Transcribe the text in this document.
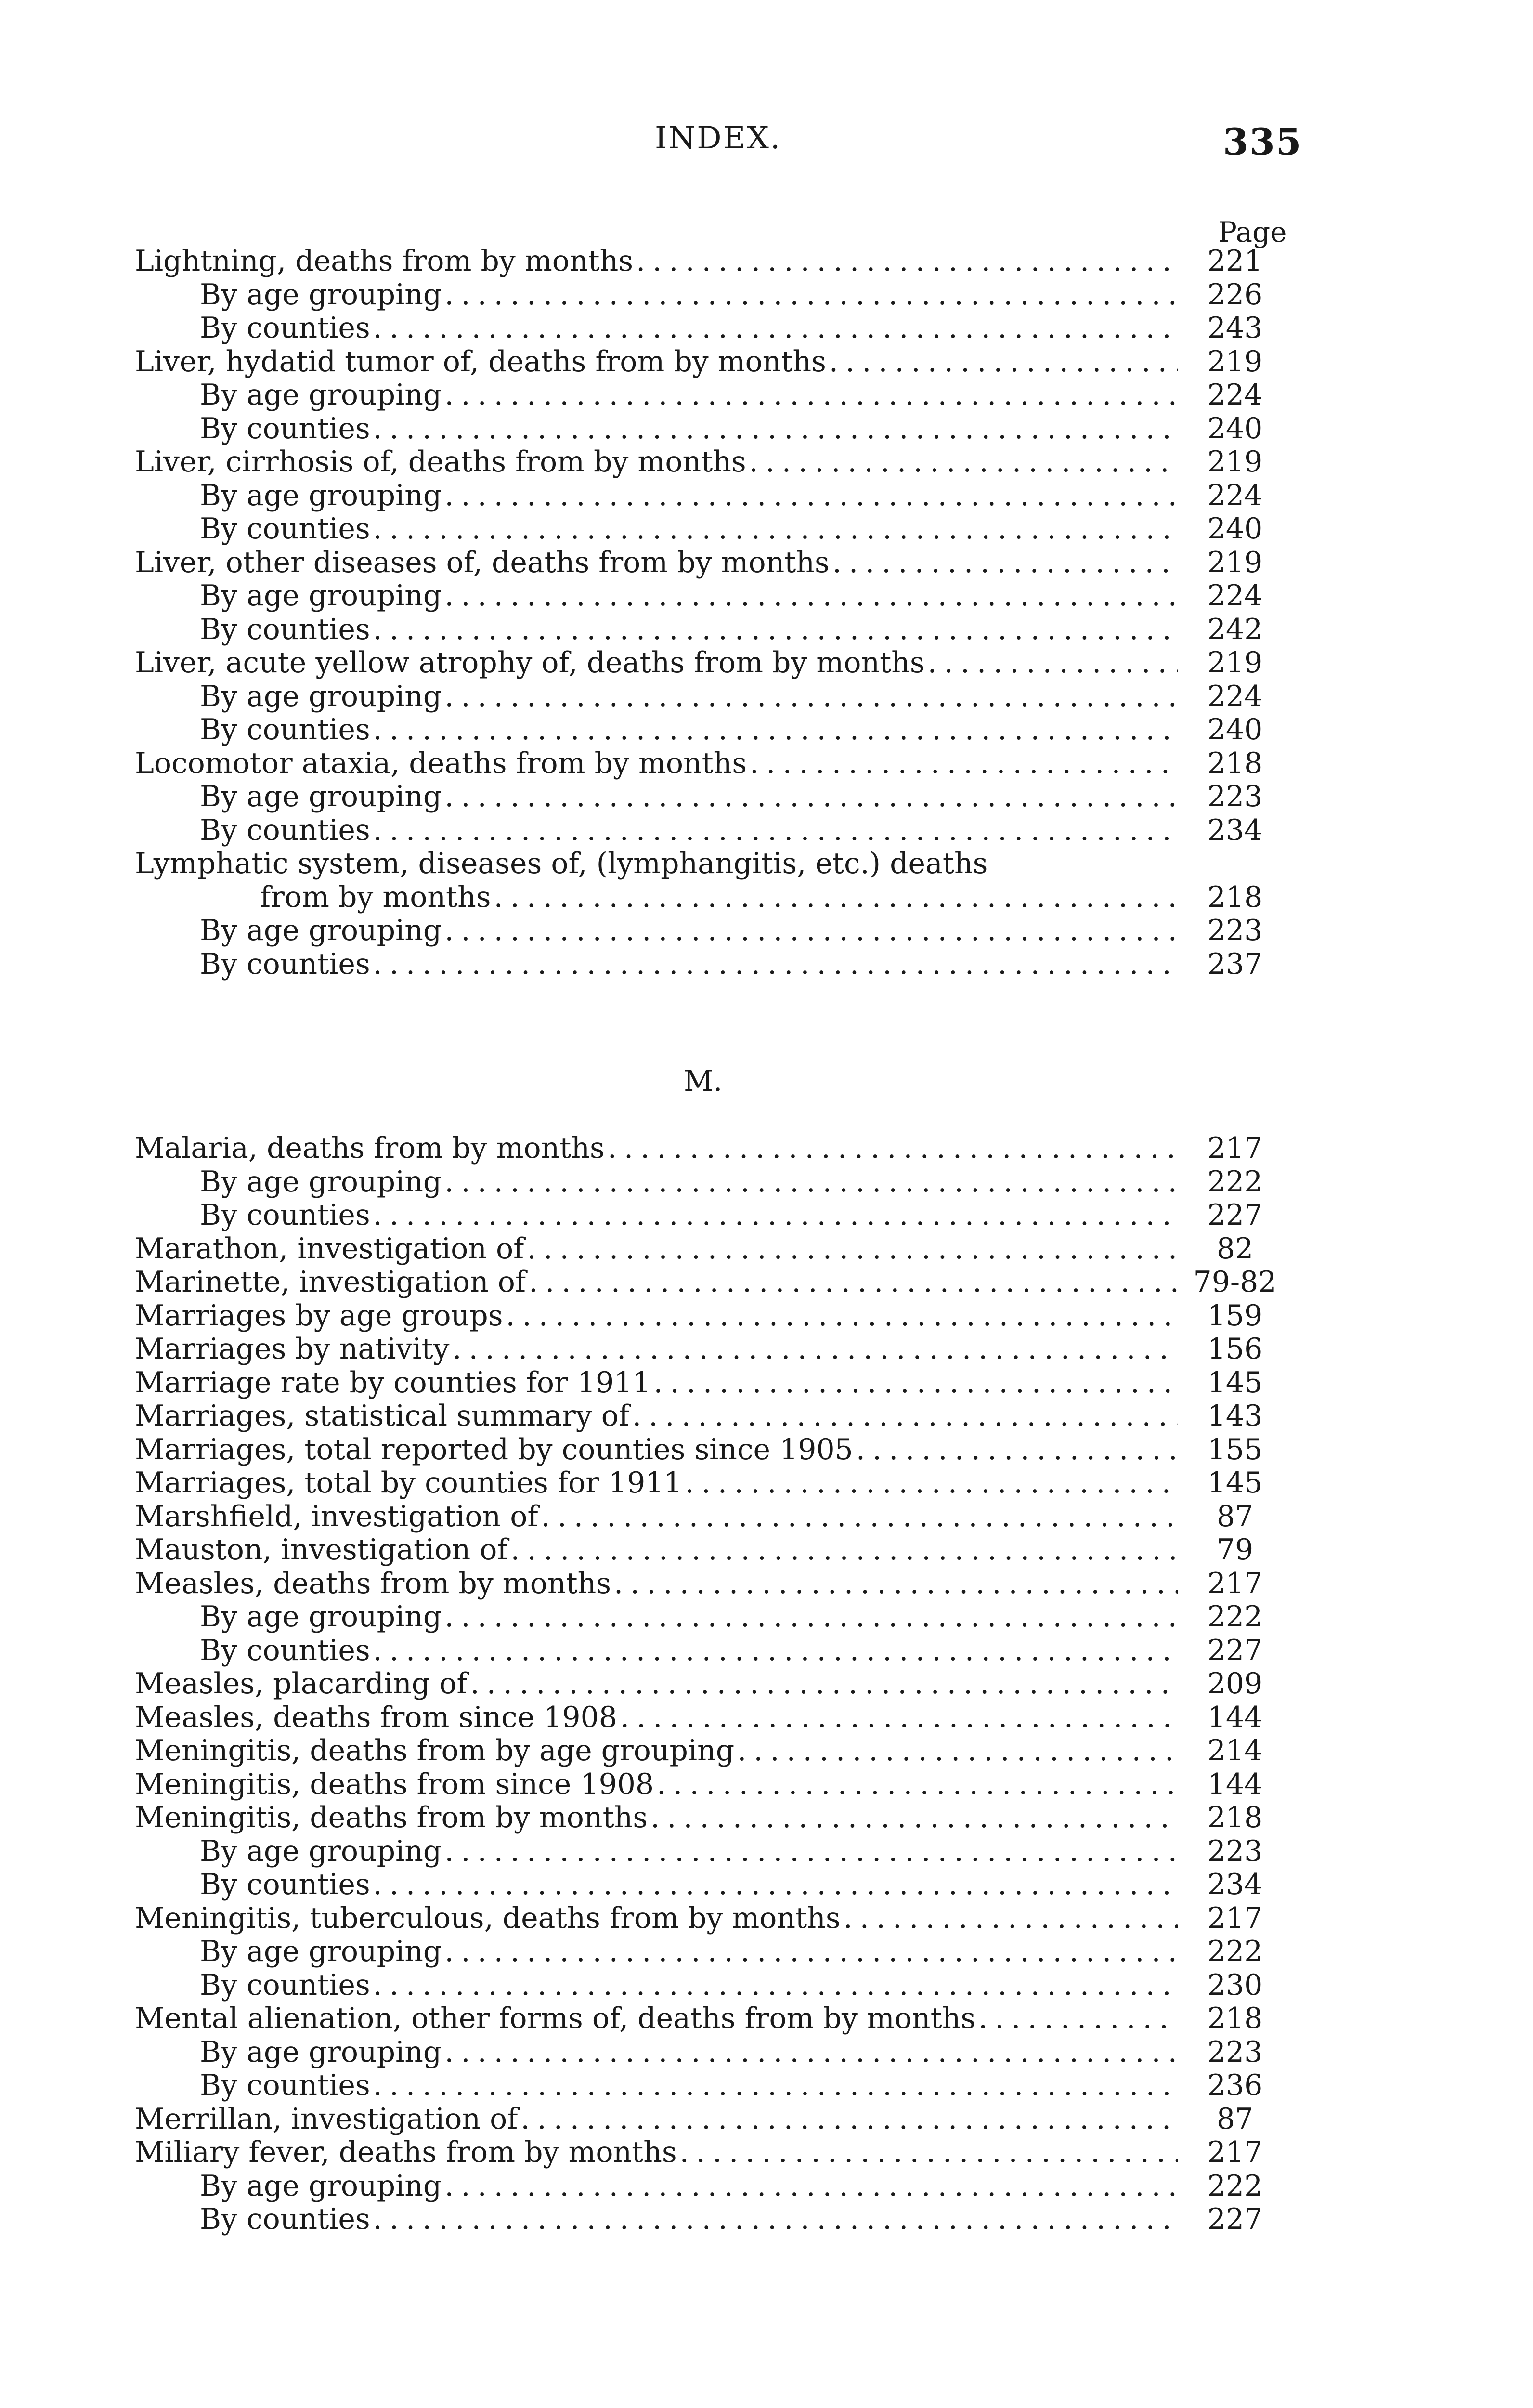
INDEX.	335
Page
Lightning, deaths from by months . . .	221
By age grouping . . .	226
By counties . . .	243
Liver, hydatid tumor of, deaths from by months . . .	219
By age grouping . . .	224
By counties . . .	240
Liver, cirrhosis of, deaths from by months . . .	219
By age grouping . . .	224
By counties . . .	240
Liver, other diseases of, deaths from by months . . .	219
By age grouping . . .	224
By counties . . .	242
Liver, acute yellow atrophy of, deaths from by months . . .	219
By age grouping . . .	224
By counties . . .	240
Locomotor ataxia, deaths from by months . . .	218
By age grouping . . .	223
By counties . . .	234
Lymphatic system, diseases of, (lymphangitis, etc.) deaths
from by months . . .	218
By age grouping . . .	223
By counties . . .	237
M.
Malaria, deaths from by months . . .	217
By age grouping . . .	222
By counties . . .	227
Marathon, investigation of . . .	82
Marinette, investigation of . . .	79-82
Marriages by age groups . . .	159
Marriages by nativity . . .	156
Marriage rate by counties for 1911 . . .	145
Marriages, statistical summary of . . .	143
Marriages, total reported by counties since 1905 . . .	155
Marriages, total by counties for 1911 . . .	145
Marshfield, investigation of . . .	87
Mauston, investigation of . . .	79
Measles, deaths from by months . . .	217
By age grouping . . .	222
By counties . . .	227
Measles, placarding of . . .	209
Measles, deaths from since 1908 . . .	144
Meningitis, deaths from by age grouping . . .	214
Meningitis, deaths from since 1908 . . .	144
Meningitis, deaths from by months . . .	218
By age grouping . . .	223
By counties . . .	234
Meningitis, tuberculous, deaths from by months . . .	217
By age grouping . . .	222
By counties . . .	230
Mental alienation, other forms of, deaths from by months . . .	218
By age grouping . . .	223
By counties . . .	236
Merrillan, investigation of . . .	87
Miliary fever, deaths from by months . . .	217
By age grouping . . .	222
By counties . . .	227
